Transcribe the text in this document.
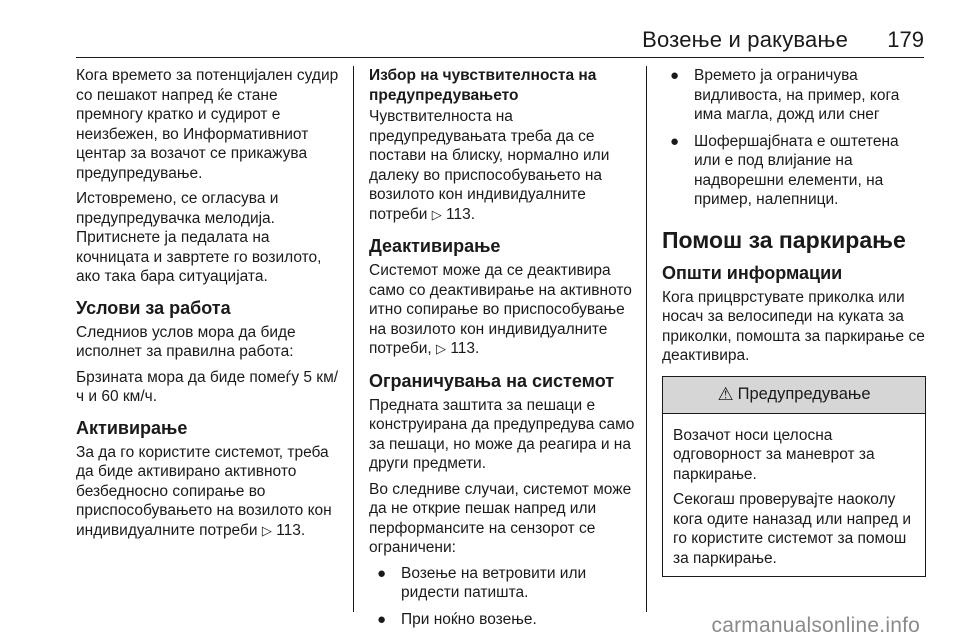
Возење и ракување 179

Кога времето за потенцијален судир со пешакот напред ќе стане премногу кратко и судирот е неизбежен, во Информативниот центар за возачот се прикажува предупредување.

Истовремено, се огласува и предупредувачка мелодија. Притиснете ја педалата на кочницата и завртете го возилото, ако така бара ситуацијата.

Услови за работа

Следниов услов мора да биде исполнет за правилна работа:

Брзината мора да биде помеѓу 5 км/ч и 60 км/ч.

Активирање

За да го користите системот, треба да биде активирано активното безбедносно сопирање во приспособувањето на возилото кон индивидуалните потреби ▷ 113.

Избор на чувствителноста на предупредувањето

Чувствителноста на предупредувањата треба да се постави на блиску, нормално или далеку во приспособувањето на возилото кон индивидуалните потреби ▷ 113.

Деактивирање

Системот може да се деактивира само со деактивирање на активното итно сопирање во приспособување на возилото кон индивидуалните потреби, ▷ 113.

Ограничувања на системот

Предната заштита за пешаци е конструирана да предупредува само за пешаци, но може да реагира и на други предмети.

Во следниве случаи, системот може да не открие пешак напред или перформансите на сензорот се ограничени:

● Возење на ветровити или ридести патишта.
● При ноќно возење.
● Времето ја ограничува видливоста, на пример, кога има магла, дожд или снег
● Шофершајбната е оштетена или е под влијание на надворешни елементи, на пример, налепници.
Помош за паркирање
Општи информации

Кога прицврстувате приколка или носач за велосипеди на куката за приколки, помошта за паркирање се деактивира.

⚠ Предупредување

Возачот носи целосна одговорност за маневрот за паркирање.

Секогаш проверувајте наоколу кога одите наназад или напред и го користите системот за помош за паркирање.

carmanualsonline.info
